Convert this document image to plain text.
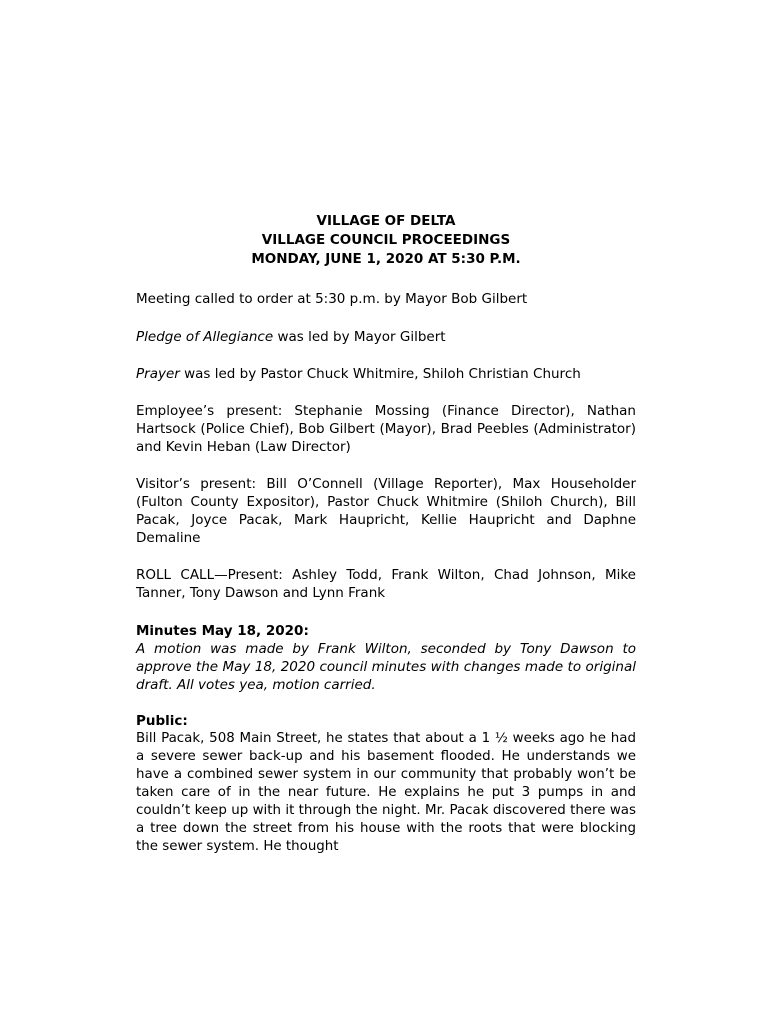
VILLAGE OF DELTA
VILLAGE COUNCIL PROCEEDINGS
MONDAY, JUNE 1, 2020 AT 5:30 P.M.

Meeting called to order at 5:30 p.m. by Mayor Bob Gilbert

Pledge of Allegiance was led by Mayor Gilbert

Prayer was led by Pastor Chuck Whitmire, Shiloh Christian Church

Employee’s present: Stephanie Mossing (Finance Director), Nathan Hartsock (Police Chief), Bob Gilbert (Mayor), Brad Peebles (Administrator) and Kevin Heban (Law Director)

Visitor’s present: Bill O’Connell (Village Reporter), Max Householder (Fulton County Expositor), Pastor Chuck Whitmire (Shiloh Church), Bill Pacak, Joyce Pacak, Mark Haupricht, Kellie Haupricht and Daphne Demaline

ROLL CALL—Present: Ashley Todd, Frank Wilton, Chad Johnson, Mike Tanner, Tony Dawson and Lynn Frank

Minutes May 18, 2020:

A motion was made by Frank Wilton, seconded by Tony Dawson to approve the May 18, 2020 council minutes with changes made to original draft. All votes yea, motion carried.

Public:

Bill Pacak, 508 Main Street, he states that about a 1 ½ weeks ago he had a severe sewer back-up and his basement flooded. He understands we have a combined sewer system in our community that probably won’t be taken care of in the near future. He explains he put 3 pumps in and couldn’t keep up with it through the night. Mr. Pacak discovered there was a tree down the street from his house with the roots that were blocking the sewer system. He thought
